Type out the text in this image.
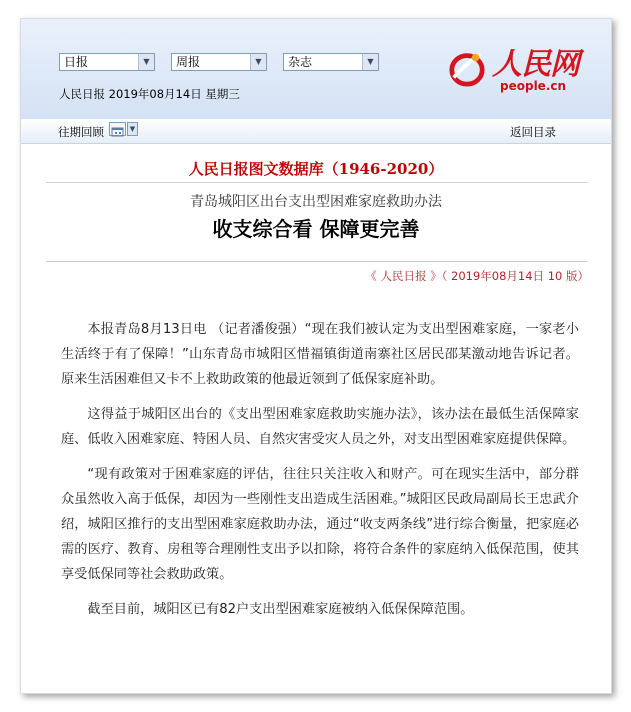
日报	▼	周报	▼	杂志	▼
人民日报 2019年08月14日 星期三
人民网
people.cn
往期回顾	▼	返回目录
人民日报图文数据库（1946-2020）
青岛城阳区出台支出型困难家庭救助办法
收支综合看 保障更完善
《 人民日报 》（ 2019年08月14日 10 版）

本报青岛8月13日电 （记者潘俊强）“现在我们被认定为支出型困难家庭，一家老小生活终于有了保障！”山东青岛市城阳区惜福镇街道南寨社区居民邵某激动地告诉记者。原来生活困难但又卡不上救助政策的他最近领到了低保家庭补助。

这得益于城阳区出台的《支出型困难家庭救助实施办法》，该办法在最低生活保障家庭、低收入困难家庭、特困人员、自然灾害受灾人员之外，对支出型困难家庭提供保障。

“现有政策对于困难家庭的评估，往往只关注收入和财产。可在现实生活中，部分群众虽然收入高于低保，却因为一些刚性支出造成生活困难。”城阳区民政局副局长王忠武介绍，城阳区推行的支出型困难家庭救助办法，通过“收支两条线”进行综合衡量，把家庭必需的医疗、教育、房租等合理刚性支出予以扣除，将符合条件的家庭纳入低保范围，使其享受低保同等社会救助政策。

截至目前，城阳区已有82户支出型困难家庭被纳入低保保障范围。
